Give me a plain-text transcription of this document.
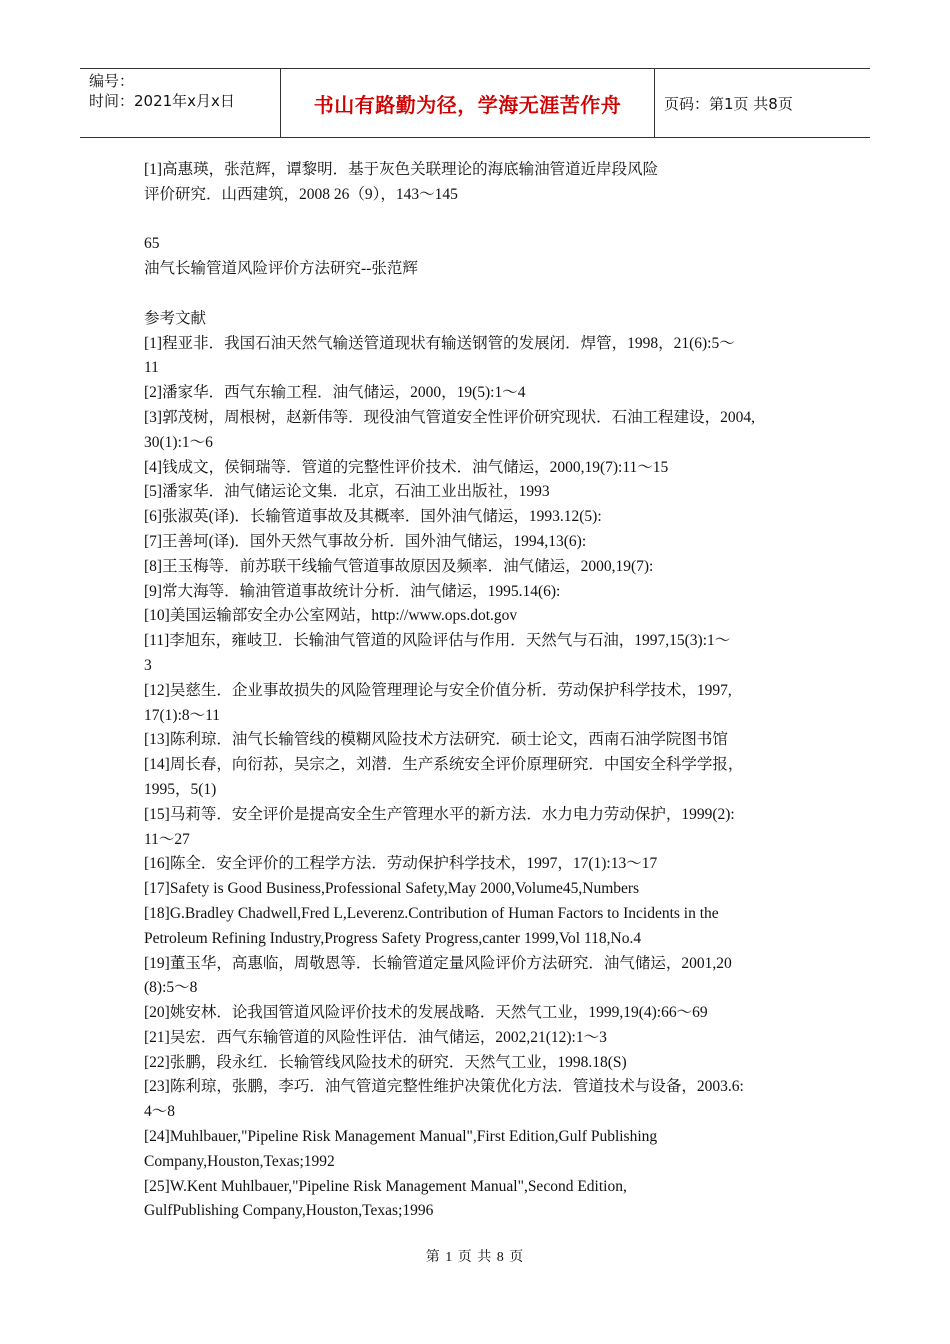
编号：
时间：2021年x月x日	书山有路勤为径，学海无涯苦作舟	页码：第1页 共8页
[1]高惠瑛，张范辉，谭黎明．基于灰色关联理论的海底输油管道近岸段风险
评价研究．山西建筑，2008 26（9），143～145
65
油气长输管道风险评价方法研究--张范辉
参考文献
[1]程亚非．我国石油天然气输送管道现状有输送钢管的发展闭．焊管，1998，21(6):5～
11
[2]潘家华．西气东输工程．油气储运，2000，19(5):1～4
[3]郭茂树，周根树，赵新伟等．现役油气管道安全性评价研究现状．石油工程建设，2004,
30(1):1～6
[4]钱成文，侯铜瑞等．管道的完整性评价技术．油气储运，2000,19(7):11～15
[5]潘家华．油气储运论文集．北京，石油工业出版社，1993
[6]张淑英(译)．长输管道事故及其概率．国外油气储运，1993.12(5):
[7]王善坷(译)．国外天然气事故分析．国外油气储运，1994,13(6):
[8]王玉梅等．前苏联干线输气管道事故原因及频率．油气储运，2000,19(7):
[9]常大海等．输油管道事故统计分析．油气储运，1995.14(6):
[10]美国运输部安全办公室网站，http://www.ops.dot.gov
[11]李旭东，雍岐卫．长输油气管道的风险评估与作用．天然气与石油，1997,15(3):1～
3
[12]吴慈生．企业事故损失的风险管理理论与安全价值分析．劳动保护科学技术，1997,
17(1):8～11
[13]陈利琼．油气长输管线的模糊风险技术方法研究．硕士论文，西南石油学院图书馆
[14]周长春，向衍荪，吴宗之，刘潜．生产系统安全评价原理研究．中国安全科学学报，
1995，5(1)
[15]马莉等．安全评价是提高安全生产管理水平的新方法．水力电力劳动保护，1999(2):
11～27
[16]陈全．安全评价的工程学方法．劳动保护科学技术，1997，17(1):13～17
[17]Safety is Good Business,Professional Safety,May 2000,Volume45,Numbers
[18]G.Bradley Chadwell,Fred L,Leverenz.Contribution of Human Factors to Incidents in the
Petroleum Refining Industry,Progress Safety Progress,canter 1999,Vol 118,No.4
[19]董玉华，高惠临，周敬恩等．长输管道定量风险评价方法研究．油气储运，2001,20
(8):5～8
[20]姚安林．论我国管道风险评价技术的发展战略．天然气工业，1999,19(4):66～69
[21]吴宏．西气东输管道的风险性评估．油气储运，2002,21(12):1～3
[22]张鹏，段永红．长输管线风险技术的研究．天然气工业，1998.18(S)
[23]陈利琼，张鹏，李巧．油气管道完整性维护决策优化方法．管道技术与设备，2003.6:
4～8
[24]Muhlbauer,"Pipeline Risk Management Manual",First Edition,Gulf Publishing
Company,Houston,Texas;1992
[25]W.Kent Muhlbauer,"Pipeline Risk Management Manual",Second Edition,
GulfPublishing Company,Houston,Texas;1996
第 1 页 共 8 页
